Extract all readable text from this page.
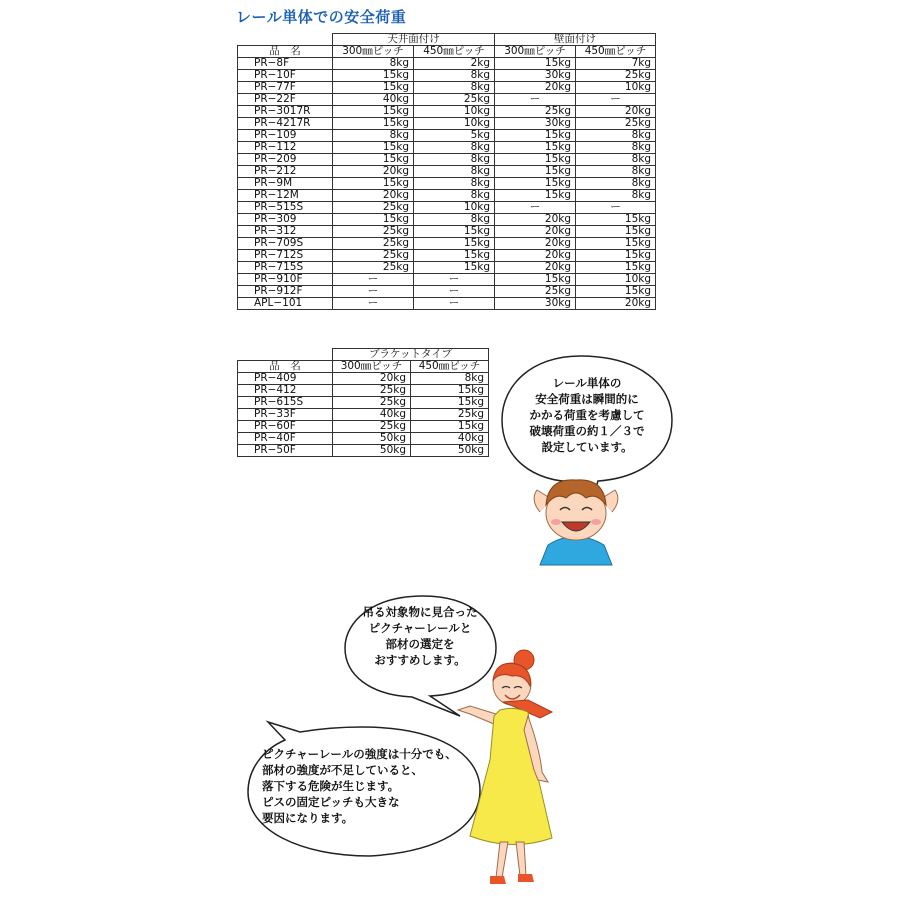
レール単体での安全荷重
	天井面付け		壁面付け	
品　名	300㎜ピッチ	450㎜ピッチ	300㎜ピッチ	450㎜ピッチ
PR−8F	8kg	2kg	15kg	7kg
PR−10F	15kg	8kg	30kg	25kg
PR−77F	15kg	8kg	20kg	10kg
PR−22F	40kg	25kg	ー	ー
PR−3017R	15kg	10kg	25kg	20kg
PR−4217R	15kg	10kg	30kg	25kg
PR−109	8kg	5kg	15kg	8kg
PR−112	15kg	8kg	15kg	8kg
PR−209	15kg	8kg	15kg	8kg
PR−212	20kg	8kg	15kg	8kg
PR−9M	15kg	8kg	15kg	8kg
PR−12M	20kg	8kg	15kg	8kg
PR−515S	25kg	10kg	ー	ー
PR−309	15kg	8kg	20kg	15kg
PR−312	25kg	15kg	20kg	15kg
PR−709S	25kg	15kg	20kg	15kg
PR−712S	25kg	15kg	20kg	15kg
PR−715S	25kg	15kg	20kg	15kg
PR−910F	ー	ー	15kg	10kg
PR−912F	ー	ー	25kg	15kg
APL−101	ー	ー	30kg	20kg
	ブラケットタイプ	
品　名	300㎜ピッチ	450㎜ピッチ
PR−409	20kg	8kg
PR−412	25kg	15kg
PR−615S	25kg	15kg
PR−33F	40kg	25kg
PR−60F	25kg	15kg
PR−40F	50kg	40kg
PR−50F	50kg	50kg
レール単体の
安全荷重は瞬間的に
かかる荷重を考慮して
破壊荷重の約１／３で
設定しています。
吊る対象物に見合った
ピクチャーレールと
部材の選定を
おすすめします。
ピクチャーレールの強度は十分でも、
部材の強度が不足していると、
落下する危険が生じます。
ピスの固定ピッチも大きな
要因になります。
